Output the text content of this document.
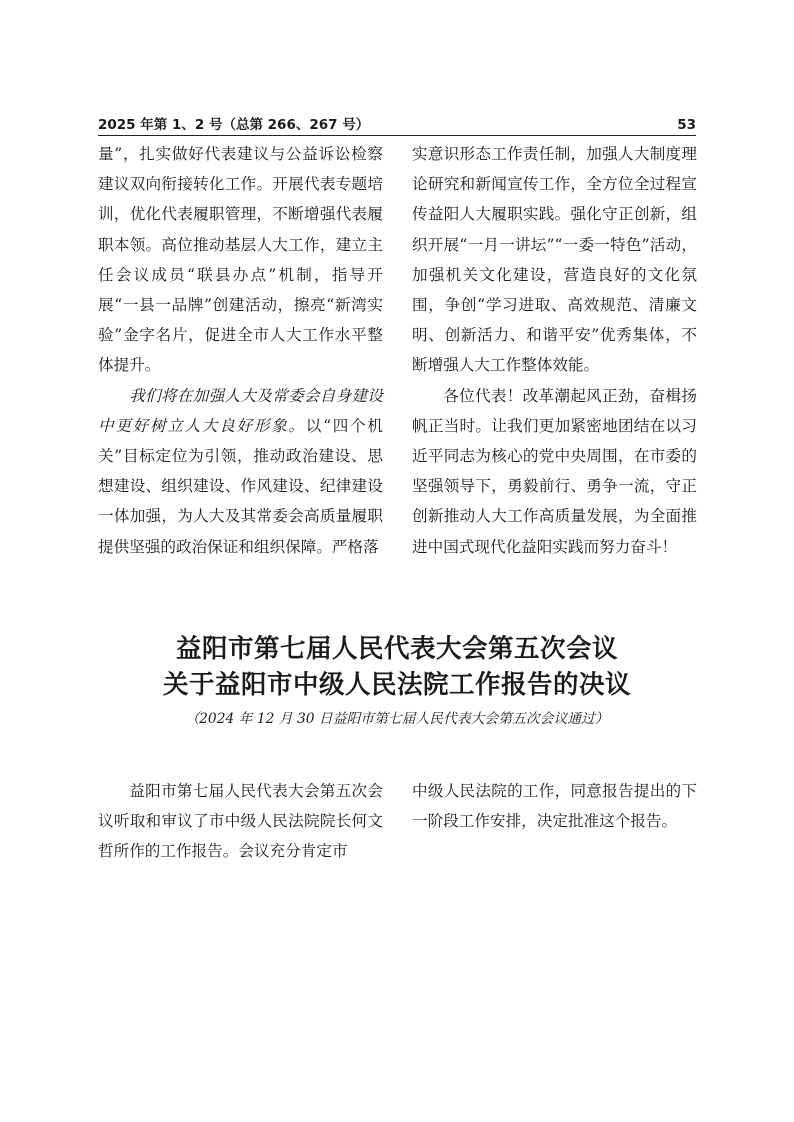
2025 年第 1、2 号（总第 266、267 号）	53

量”，扎实做好代表建议与公益诉讼检察建议双向衔接转化工作。开展代表专题培训，优化代表履职管理，不断增强代表履职本领。高位推动基层人大工作，建立主任会议成员“联县办点”机制，指导开展“一县一品牌”创建活动，擦亮“新湾实验”金字名片，促进全市人大工作水平整体提升。

我们将在加强人大及常委会自身建设中更好树立人大良好形象。以“四个机关”目标定位为引领，推动政治建设、思想建设、组织建设、作风建设、纪律建设一体加强，为人大及其常委会高质量履职提供坚强的政治保证和组织保障。严格落

实意识形态工作责任制，加强人大制度理论研究和新闻宣传工作，全方位全过程宣传益阳人大履职实践。强化守正创新，组织开展“一月一讲坛”“一委一特色”活动，加强机关文化建设，营造良好的文化氛围，争创“学习进取、高效规范、清廉文明、创新活力、和谐平安”优秀集体，不断增强人大工作整体效能。

各位代表！改革潮起风正劲，奋楫扬帆正当时。让我们更加紧密地团结在以习近平同志为核心的党中央周围，在市委的坚强领导下，勇毅前行、勇争一流，守正创新推动人大工作高质量发展，为全面推进中国式现代化益阳实践而努力奋斗！

益阳市第七届人民代表大会第五次会议
关于益阳市中级人民法院工作报告的决议
（2024 年 12 月 30 日益阳市第七届人民代表大会第五次会议通过）

益阳市第七届人民代表大会第五次会议听取和审议了市中级人民法院院长何文哲所作的工作报告。会议充分肯定市

中级人民法院的工作，同意报告提出的下一阶段工作安排，决定批准这个报告。
